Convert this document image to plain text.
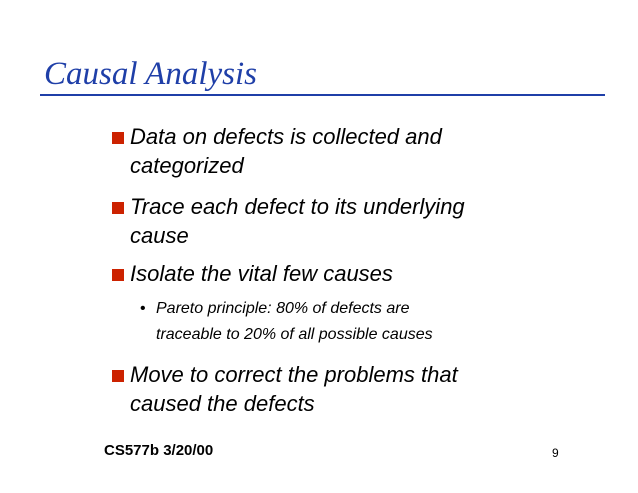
Causal Analysis
Data on defects is collected and
categorized
Trace each defect to its underlying
cause
Isolate the vital few causes
• Pareto principle: 80% of defects are
traceable to 20% of all possible causes
Move to correct the problems that
caused the defects
CS577b 3/20/00	9
